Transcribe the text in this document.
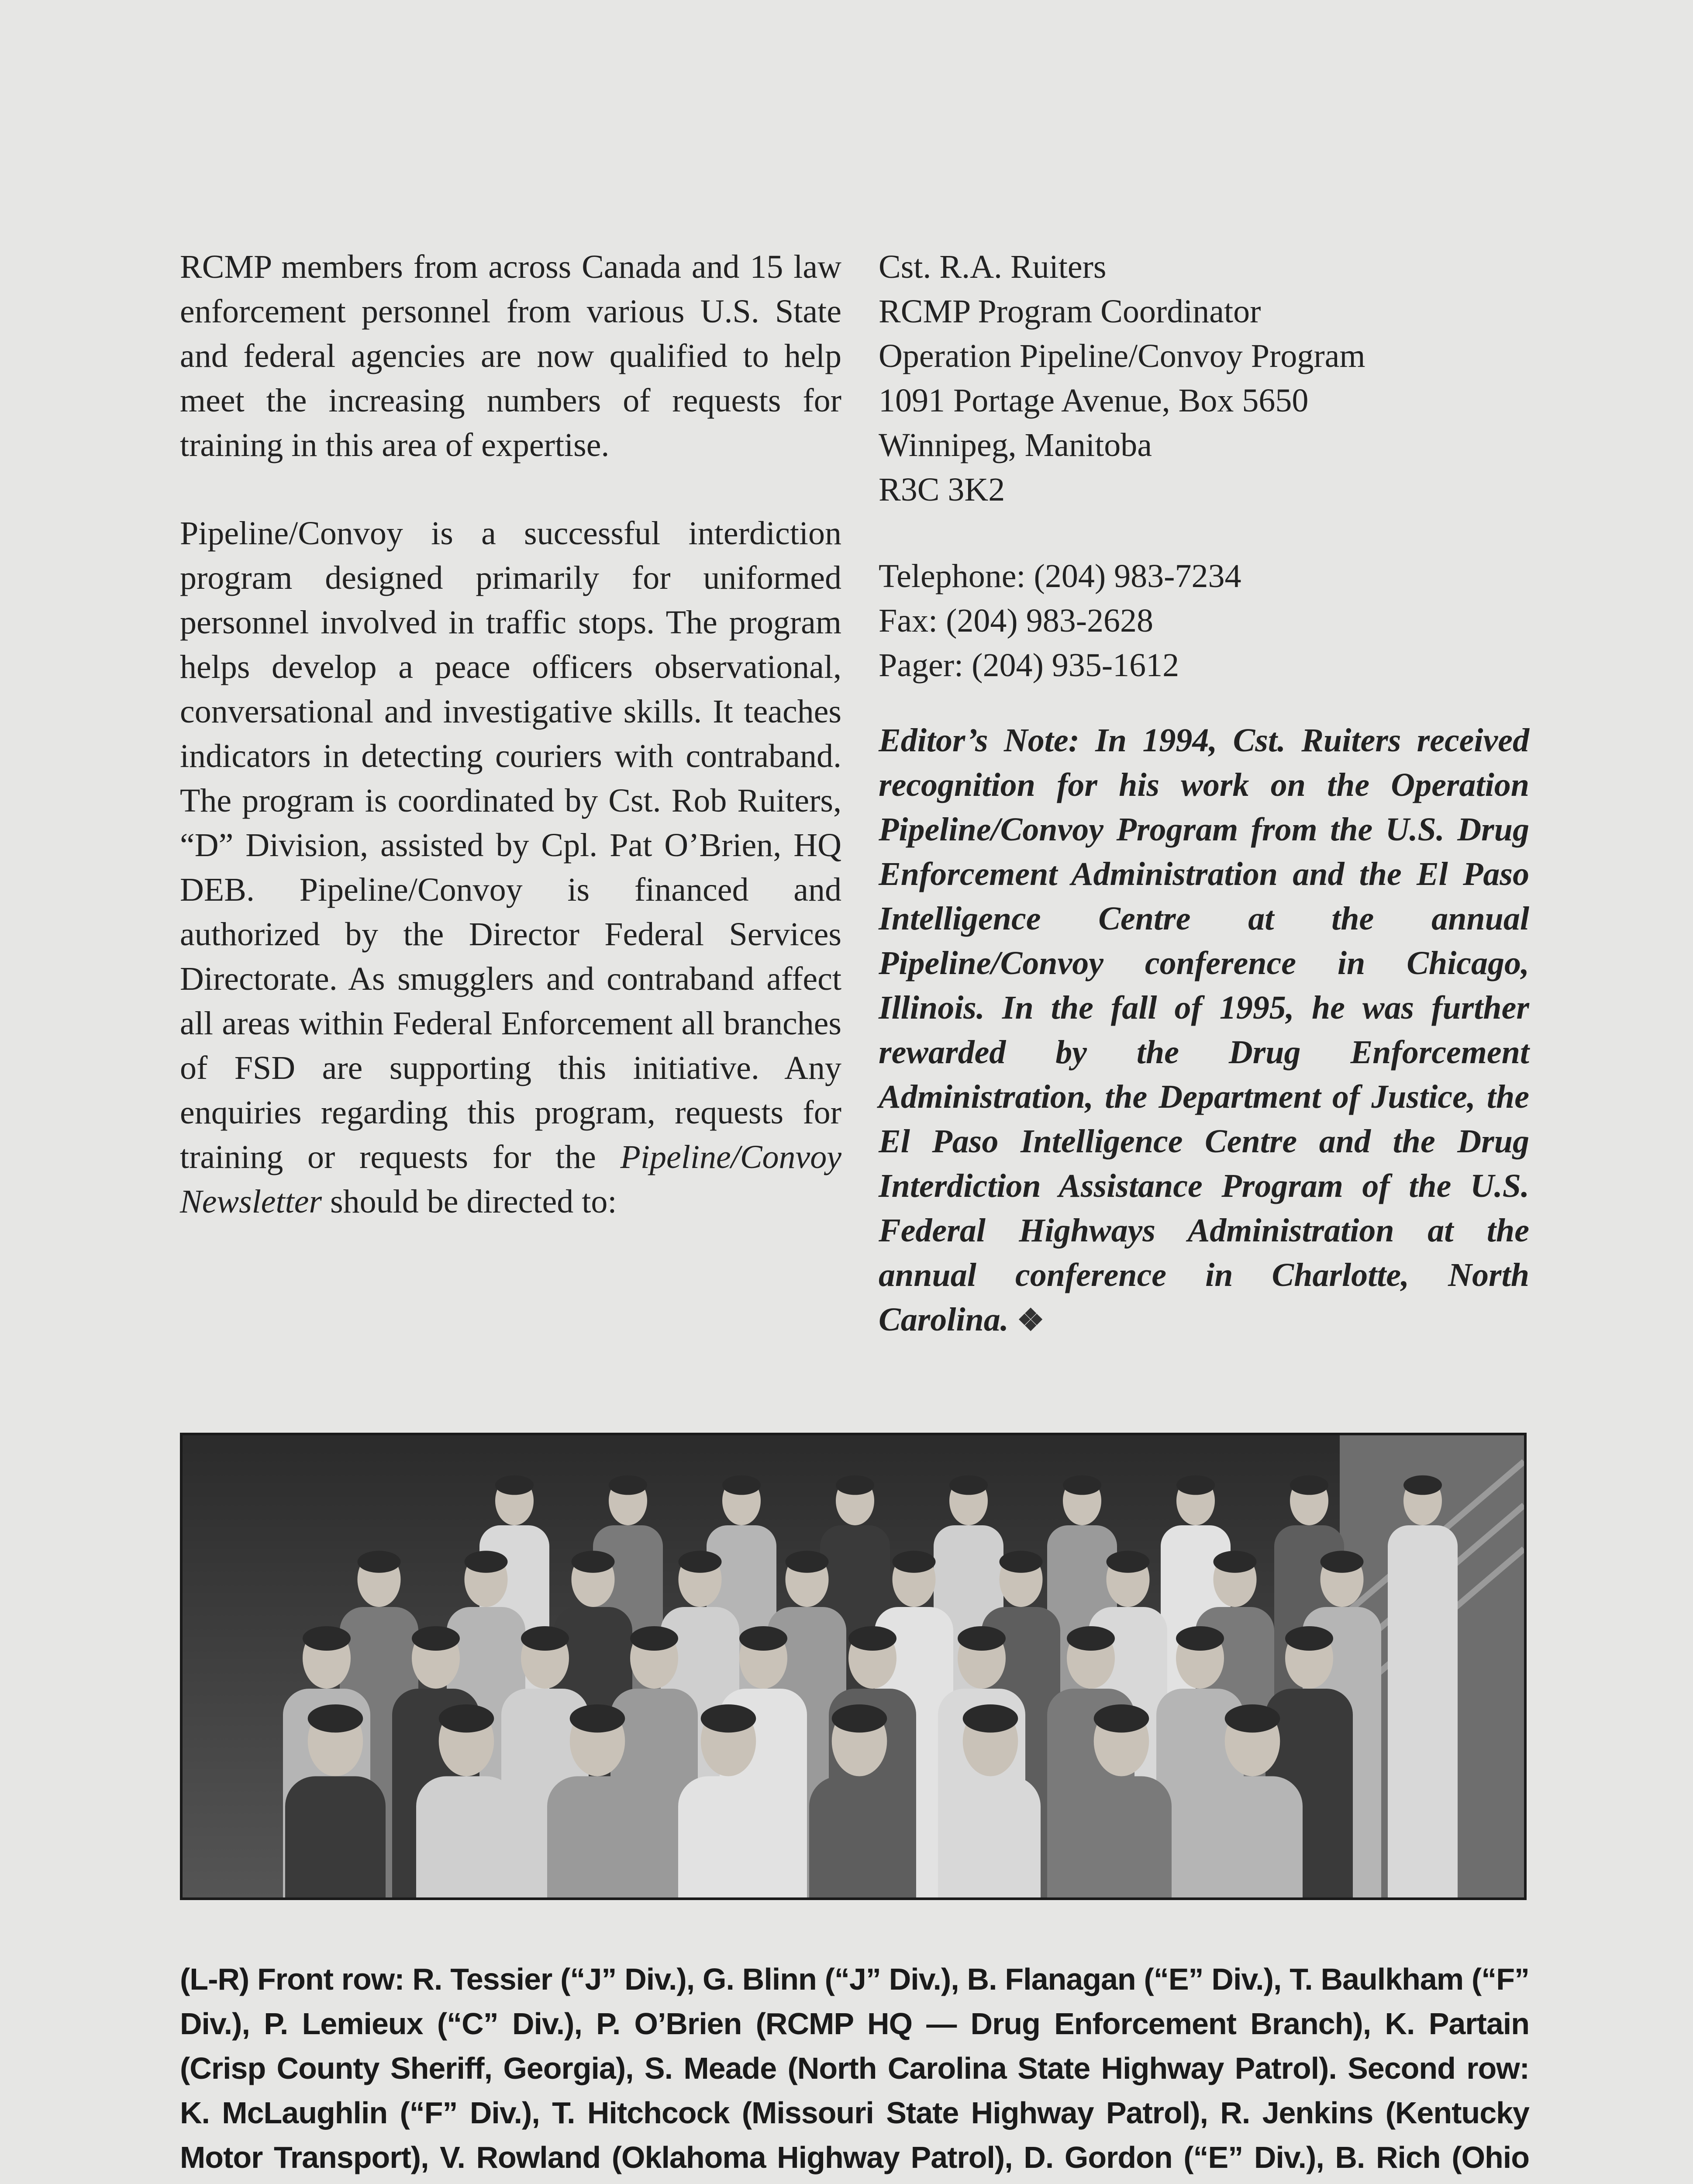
RCMP members from across Canada and 15 law enforcement personnel from various U.S. State and federal agencies are now qualified to help meet the increasing numbers of requests for training in this area of expertise.

Pipeline/Convoy is a successful interdiction program designed primarily for uniformed personnel involved in traffic stops. The program helps develop a peace officers observational, conversational and investigative skills. It teaches indicators in detecting couriers with contraband. The program is coordinated by Cst. Rob Ruiters, “D” Division, assisted by Cpl. Pat O’Brien, HQ DEB. Pipeline/Convoy is financed and authorized by the Director Federal Services Directorate. As smugglers and contraband affect all areas within Federal Enforcement all branches of FSD are supporting this initiative. Any enquiries regarding this program, requests for training or requests for the Pipeline/Convoy Newsletter should be directed to:

Cst. R.A. Ruiters
RCMP Program Coordinator
Operation Pipeline/Convoy Program
1091 Portage Avenue, Box 5650
Winnipeg, Manitoba
R3C 3K2
Telephone: (204) 983-7234
Fax: (204) 983-2628
Pager: (204) 935-1612
Editor’s Note: In 1994, Cst. Ruiters received recognition for his work on the Operation Pipeline/Convoy Program from the U.S. Drug Enforcement Administration and the El Paso Intelligence Centre at the annual Pipeline/Convoy conference in Chicago, Illinois. In the fall of 1995, he was further rewarded by the Drug Enforcement Administration, the Department of Justice, the El Paso Intelligence Centre and the Drug Interdiction Assistance Program of the U.S. Federal Highways Administration at the annual conference in Charlotte, North Carolina. ❖
(L-R) Front row: R. Tessier (“J” Div.), G. Blinn (“J” Div.), B. Flanagan (“E” Div.), T. Baulkham (“F” Div.), P. Lemieux (“C” Div.), P. O’Brien (RCMP HQ — Drug Enforcement Branch), K. Partain (Crisp County Sheriff, Georgia), S. Meade (North Carolina State Highway Patrol). Second row: K. McLaughlin (“F” Div.), T. Hitchcock (Missouri State Highway Patrol), R. Jenkins (Kentucky Motor Transport), V. Rowland (Oklahoma Highway Patrol), D. Gordon (“E” Div.), B. Rich (Ohio
